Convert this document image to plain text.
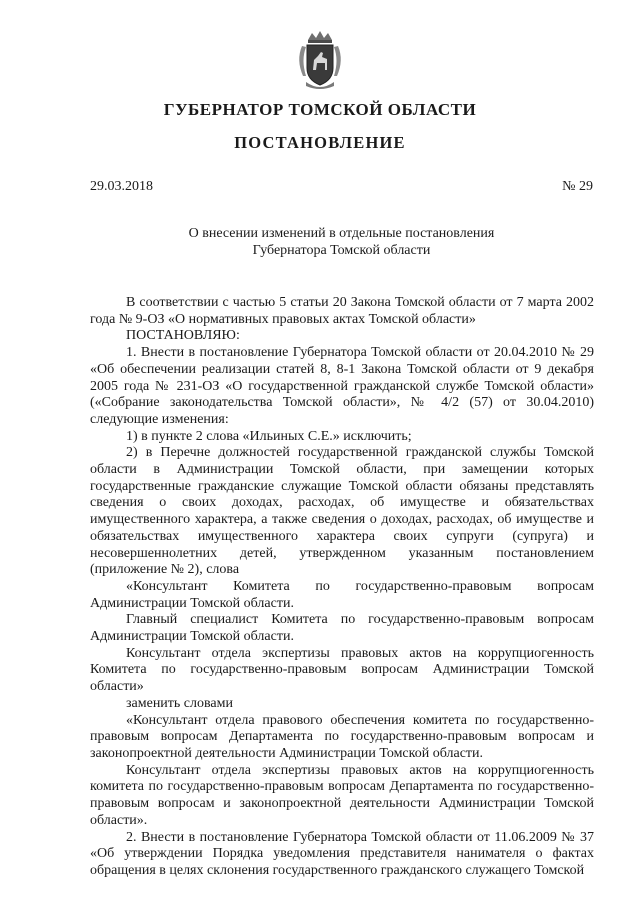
ГУБЕРНАТОР ТОМСКОЙ ОБЛАСТИ
ПОСТАНОВЛЕНИЕ
29.03.2018	№ 29
О внесении изменений в отдельные постановления
Губернатора Томской области

В соответствии с частью 5 статьи 20 Закона Томской области от 7 марта 2002 года № 9-ОЗ «О нормативных правовых актах Томской области»

ПОСТАНОВЛЯЮ:

1. Внести в постановление Губернатора Томской области от 20.04.2010 № 29 «Об обеспечении реализации статей 8, 8-1 Закона Томской области от 9 декабря 2005 года № 231-ОЗ «О государственной гражданской службе Томской области» («Собрание законодательства Томской области», № 4/2 (57) от 30.04.2010) следующие изменения:

1) в пункте 2 слова «Ильиных С.Е.» исключить;

2) в Перечне должностей государственной гражданской службы Томской области в Администрации Томской области, при замещении которых государственные гражданские служащие Томской области обязаны представлять сведения о своих доходах, расходах, об имуществе и обязательствах имущественного характера, а также сведения о доходах, расходах, об имуществе и обязательствах имущественного характера своих супруги (супруга) и несовершеннолетних детей, утвержденном указанным постановлением (приложение № 2), слова

«Консультант Комитета по государственно-правовым вопросам Администрации Томской области.

Главный специалист Комитета по государственно-правовым вопросам Администрации Томской области.

Консультант отдела экспертизы правовых актов на коррупциогенность Комитета по государственно-правовым вопросам Администрации Томской области»

заменить словами

«Консультант отдела правового обеспечения комитета по государственно-правовым вопросам Департамента по государственно-правовым вопросам и законопроектной деятельности Администрации Томской области.

Консультант отдела экспертизы правовых актов на коррупциогенность комитета по государственно-правовым вопросам Департамента по государственно-правовым вопросам и законопроектной деятельности Администрации Томской области».

2. Внести в постановление Губернатора Томской области от 11.06.2009 № 37 «Об утверждении Порядка уведомления представителя нанимателя о фактах обращения в целях склонения государственного гражданского служащего Томской
